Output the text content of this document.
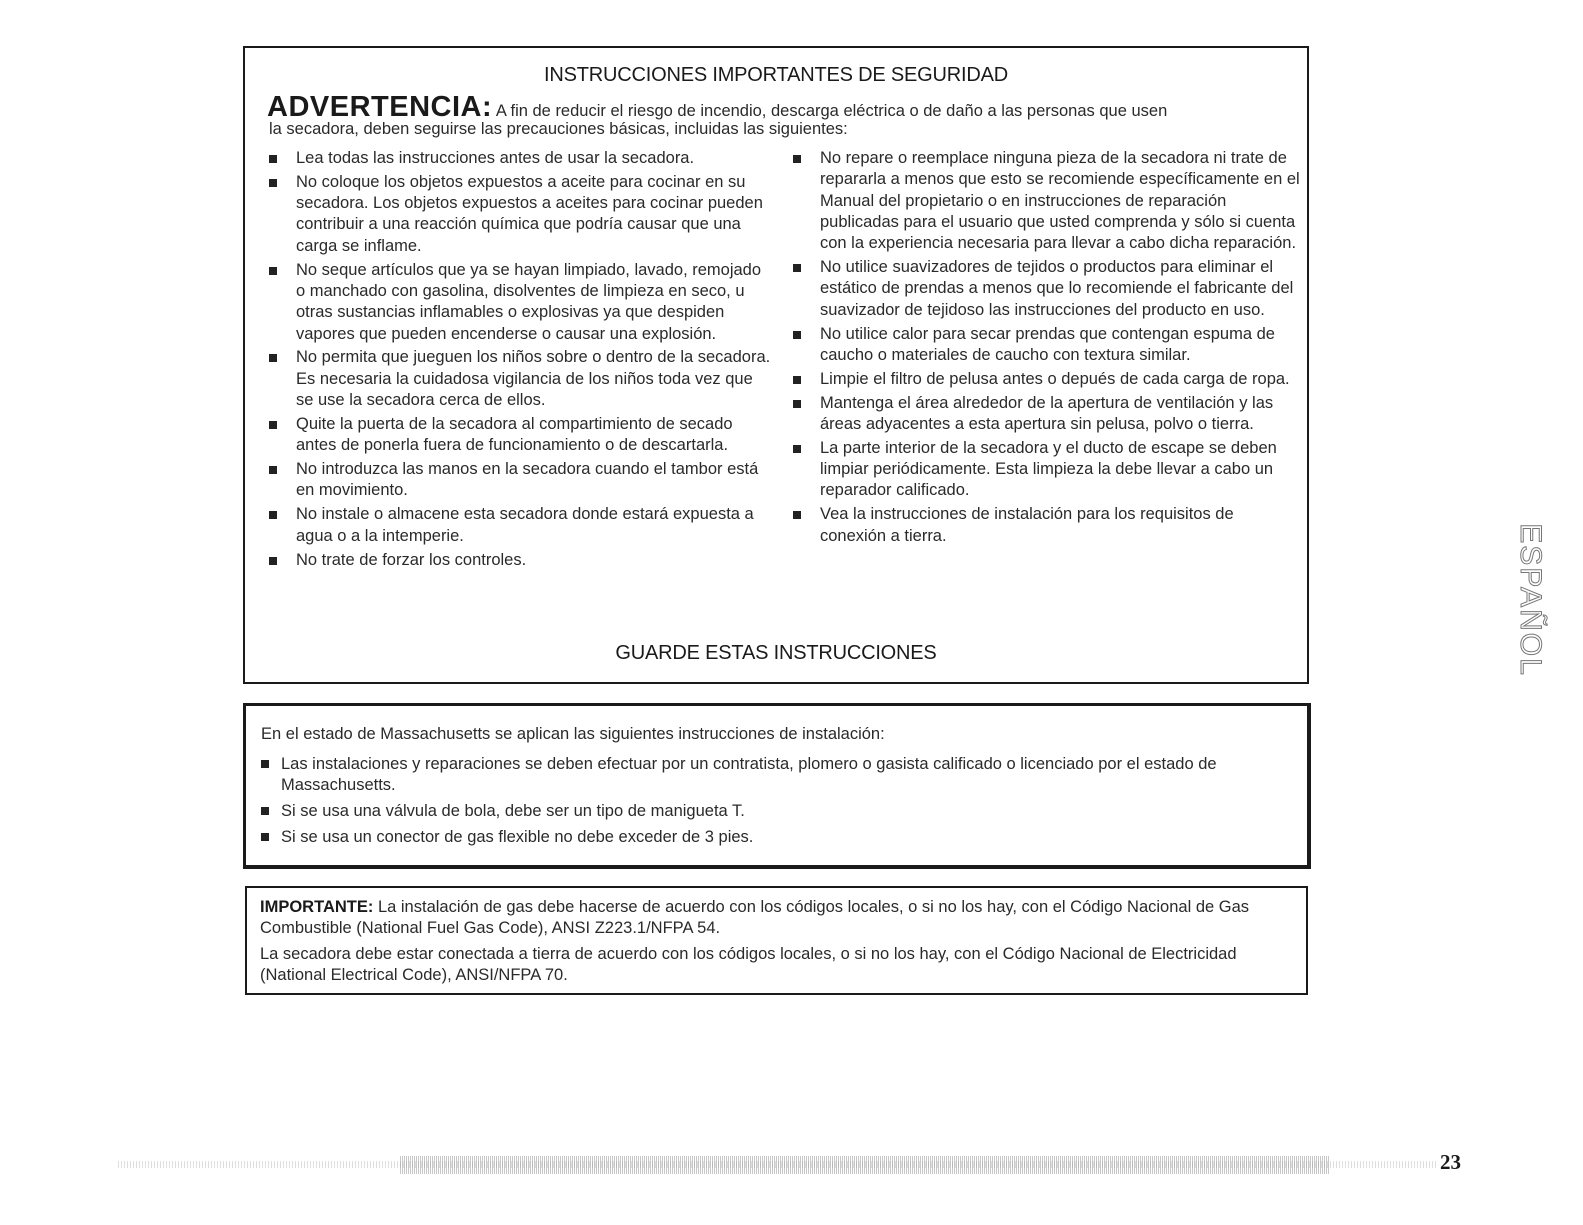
INSTRUCCIONES IMPORTANTES DE SEGURIDAD
ADVERTENCIA: A fin de reducir el riesgo de incendio, descarga eléctrica o de daño a las personas que usen
la secadora, deben seguirse las precauciones básicas, incluidas las siguientes:
Lea todas las instrucciones antes de usar la secadora.
No coloque los objetos expuestos a aceite para cocinar en su secadora. Los objetos expuestos a aceites para cocinar pueden contribuir a una reacción química que podría causar que una carga se inflame.
No seque artículos que ya se hayan limpiado, lavado, remojado o manchado con gasolina, disolventes de limpieza en seco, u otras sustancias inflamables o explosivas ya que despiden vapores que pueden encenderse o causar una explosión.
No permita que jueguen los niños sobre o dentro de la secadora. Es necesaria la cuidadosa vigilancia de los niños toda vez que se use la secadora cerca de ellos.
Quite la puerta de la secadora al compartimiento de secado antes de ponerla fuera de funcionamiento o de descartarla.
No introduzca las manos en la secadora cuando el tambor está en movimiento.
No instale o almacene esta secadora donde estará expuesta a agua o a la intemperie.
No trate de forzar los controles.
No repare o reemplace ninguna pieza de la secadora ni trate de repararla a menos que esto se recomiende específicamente en el Manual del propietario o en instrucciones de reparación publicadas para el usuario que usted comprenda y sólo si cuenta con la experiencia necesaria para llevar a cabo dicha reparación.
No utilice suavizadores de tejidos o productos para eliminar el estático de prendas a menos que lo recomiende el fabricante del suavizador de tejidoso las instrucciones del producto en uso.
No utilice calor para secar prendas que contengan espuma de caucho o materiales de caucho con textura similar.
Limpie el filtro de pelusa antes o depués de cada carga de ropa.
Mantenga el área alrededor de la apertura de ventilación y las áreas adyacentes a esta apertura sin pelusa, polvo o tierra.
La parte interior de la secadora y el ducto de escape se deben limpiar periódicamente. Esta limpieza la debe llevar a cabo un reparador calificado.
Vea la instrucciones de instalación para los requisitos de conexión a tierra.
GUARDE ESTAS INSTRUCCIONES
En el estado de Massachusetts se aplican las siguientes instrucciones de instalación:
Las instalaciones y reparaciones se deben efectuar por un contratista, plomero o gasista calificado o licenciado por el estado de Massachusetts.
Si se usa una válvula de bola, debe ser un tipo de manigueta T.
Si se usa un conector de gas flexible no debe exceder de 3 pies.

IMPORTANTE: La instalación de gas debe hacerse de acuerdo con los códigos locales, o si no los hay, con el Código Nacional de Gas Combustible (National Fuel Gas Code), ANSI Z223.1/NFPA 54.

La secadora debe estar conectada a tierra de acuerdo con los códigos locales, o si no los hay, con el Código Nacional de Electricidad (National Electrical Code), ANSI/NFPA 70.

ESPAÑOL
23
